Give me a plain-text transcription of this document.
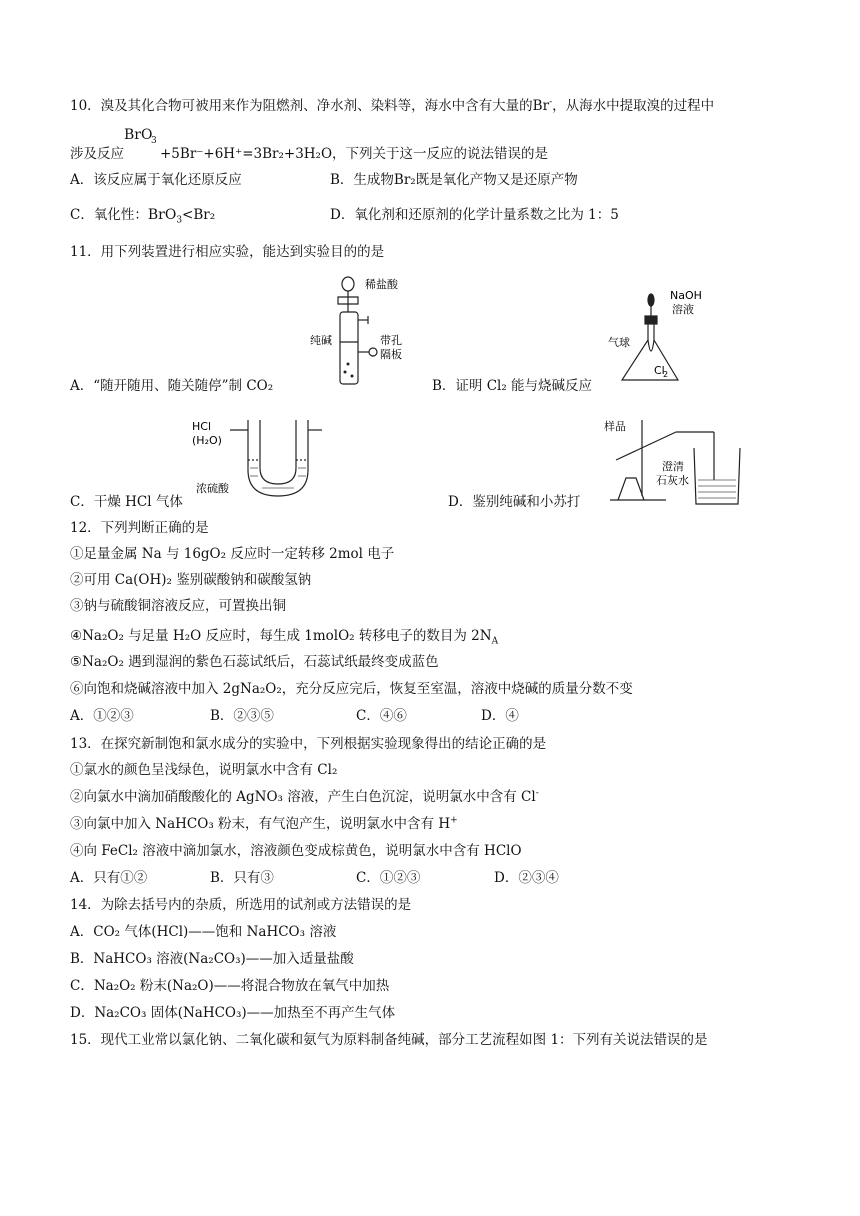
10．溴及其化合物可被用来作为阻燃剂、净水剂、染料等，海水中含有大量的Br-，从海水中提取溴的过程中
涉及反应
BrO
3
+5Br⁻+6H⁺=3Br₂+3H₂O，下列关于这一反应的说法错误的是
A．该反应属于氧化还原反应	B．生成物Br₂既是氧化产物又是还原产物
C．氧化性：BrO$_3$<Br₂	D．氧化剂和还原剂的化学计量系数之比为 1：5
11．用下列装置进行相应实验，能达到实验目的的是
稀盐酸
纯碱	带孔
隔板
A．“随开随用、随关随停”制 CO₂
NaOH
溶液
气球
Cl
2
B．证明 Cl₂ 能与烧碱反应
HCl
(H₂O)
浓硫酸
C．干燥 HCl 气体
样品
澄清
石灰水
D．鉴别纯碱和小苏打
12．下列判断正确的是
①足量金属 Na 与 16gO₂ 反应时一定转移 2mol 电子
②可用 Ca(OH)₂ 鉴别碳酸钠和碳酸氢钠
③钠与硫酸铜溶液反应，可置换出铜
④Na₂O₂ 与足量 H₂O 反应时，每生成 1molO₂ 转移电子的数目为 $2N_A$
⑤Na₂O₂ 遇到湿润的紫色石蕊试纸后，石蕊试纸最终变成蓝色
⑥向饱和烧碱溶液中加入 2gNa₂O₂，充分反应完后，恢复至室温，溶液中烧碱的质量分数不变
A．①②③	B．②③⑤	C．④⑥	D．④
13．在探究新制饱和氯水成分的实验中，下列根据实验现象得出的结论正确的是
①氯水的颜色呈浅绿色，说明氯水中含有 Cl₂
②向氯水中滴加硝酸酸化的 AgNO₃ 溶液，产生白色沉淀，说明氯水中含有 Cl-
③向氯中加入 NaHCO₃ 粉末，有气泡产生，说明氯水中含有 H+
④向 FeCl₂ 溶液中滴加氯水，溶液颜色变成棕黄色，说明氯水中含有 HClO
A．只有①②	B．只有③	C．①②③	D．②③④
14．为除去括号内的杂质，所选用的试剂或方法错误的是
A．CO₂ 气体(HCl)——饱和 NaHCO₃ 溶液
B．NaHCO₃ 溶液(Na₂CO₃)——加入适量盐酸
C．Na₂O₂ 粉末(Na₂O)——将混合物放在氧气中加热
D．Na₂CO₃ 固体(NaHCO₃)——加热至不再产生气体
15．现代工业常以氯化钠、二氧化碳和氨气为原料制备纯碱，部分工艺流程如图 1：下列有关说法错误的是
